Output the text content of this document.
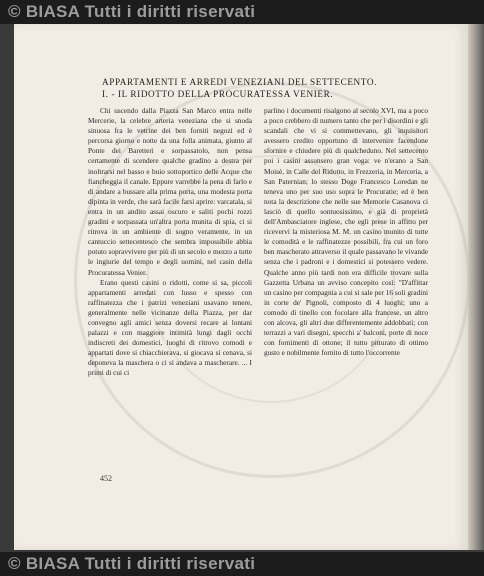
© BIASA Tutti i diritti riservati
APPARTAMENTI E ARREDI VENEZIANI DEL SETTECENTO.
I. - IL RIDOTTO DELLA PROCURATESSA VENIER.

Chi uscendo dalla Piazza San Marco entra nelle Mercerie, la celebre arteria veneziana che si snoda sinuosa fra le vetrine dei ben forniti negozi ed è percorsa giorno e notte da una folla animata, giunto al Ponte dei Baretteri e sorpassatolo, non pensa certamente di scendere qualche gradino a destra per inoltrarsi nel basso e buio sottoportico delle Acque che fiancheggia il canale. Eppure varrebbe la pena di farlo e di andare a bussare alla prima porta, una modesta porta dipinta in verde, che sarà facile farsi aprire: varcatala, si entra in un andito assai oscuro e saliti pochi rozzi gradini e sorpassata un'altra porta munita di spia, ci si ritrova in un ambiente di sogno veramente, in un cantuccio settecentesco che sembra impossibile abbia potuto sopravvivere per più di un secolo e mezzo a tutte le ingiurie del tempo e degli uomini, nel casin della Procuratessa Venier.

Erano questi casini o ridotti, come si sa, piccoli appartamenti arredati con lusso e spesso con raffinatezza che i patrizi veneziani usavano tenere, generalmente nelle vicinanze della Piazza, per dar convegno agli amici senza doversi recare ai lontani palazzi e con maggiore intimità lungi dagli occhi indiscreti dei domestici, luoghi di ritrovo comodi e appartati dove si chiacchierava, si giocava si cenava, si deponeva la maschera o ci si andava a mascherare. ... I primi di cui ci

parlino i documenti risalgono al secolo XVI, ma a poco a poco crebbero di numero tanto che per i disordini e gli scandali che vi si commettevano, gli inquisitori avessero credito opportuno di intervenire facendone sfornire e chiudere più di qualcheduno. Nel settecento poi i casini assunsero gran voga: ve n'erano a San Moisè, in Calle del Ridotto, in Frezzeria, in Merceria, a San Paternian; lo stesso Doge Francesco Loredan ne teneva uno per suo uso sopra le Procuratie; ed è ben nota la descrizione che nelle sue Memorie Casanova ci lasciò di quello sontuosissimo, e già di proprietà dell'Ambasciatore inglese, che egli prese in affitto per ricevervi la misteriosa M. M. un casino munito di tutte le comodità e le raffinatezze possibili, fra cui un foro ben mascherato attraverso il quale passavano le vivande senza che i padroni e i domestici si potessero vedere. Qualche anno più tardi non era difficile trovare sulla Gazzetta Urbana un avviso concepito così: "D'affittar un casino per compagnia a cui si sale per 16 soli gradini in corte de' Pignoli, composto di 4 luoghi; uno a comodo di tinello con focolare alla francese, un altro con alcova, gli altri due differentemente addobbati; con terrazzi a vari disegni, specchi a' balconi, porte di noce con fornimenti di ottone; il tutto pitturato di ottimo gusto e nobilmente fornito di tutto l'occorrente

452
© BIASA Tutti i diritti riservati
